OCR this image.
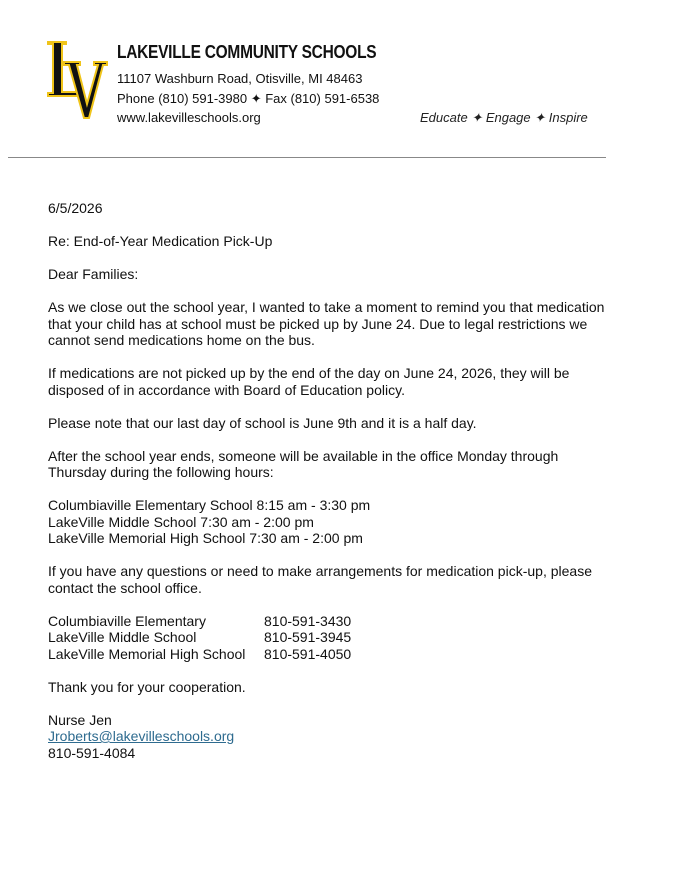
LAKEVILLE COMMUNITY SCHOOLS
11107 Washburn Road, Otisville, MI 48463
Phone (810) 591-3980 ✦ Fax (810) 591-6538
www.lakevilleschools.org	Educate ✦ Engage ✦ Inspire

6/5/2026

Re: End-of-Year Medication Pick-Up

Dear Families:

As we close out the school year, I wanted to take a moment to remind you that medication that your child has at school must be picked up by June 24. Due to legal restrictions we cannot send medications home on the bus.

If medications are not picked up by the end of the day on June 24, 2026, they will be disposed of in accordance with Board of Education policy.

Please note that our last day of school is June 9th and it is a half day.

After the school year ends, someone will be available in the office Monday through Thursday during the following hours:

Columbiaville Elementary School 8:15 am - 3:30 pm
LakeVille Middle School 7:30 am - 2:00 pm
LakeVille Memorial High School 7:30 am - 2:00 pm

If you have any questions or need to make arrangements for medication pick-up, please contact the school office.

Columbiaville Elementary	810-591-3430
LakeVille Middle School	810-591-3945
LakeVille Memorial High School	810-591-4050

Thank you for your cooperation.

Nurse Jen
Jroberts@lakevilleschools.org
810-591-4084
